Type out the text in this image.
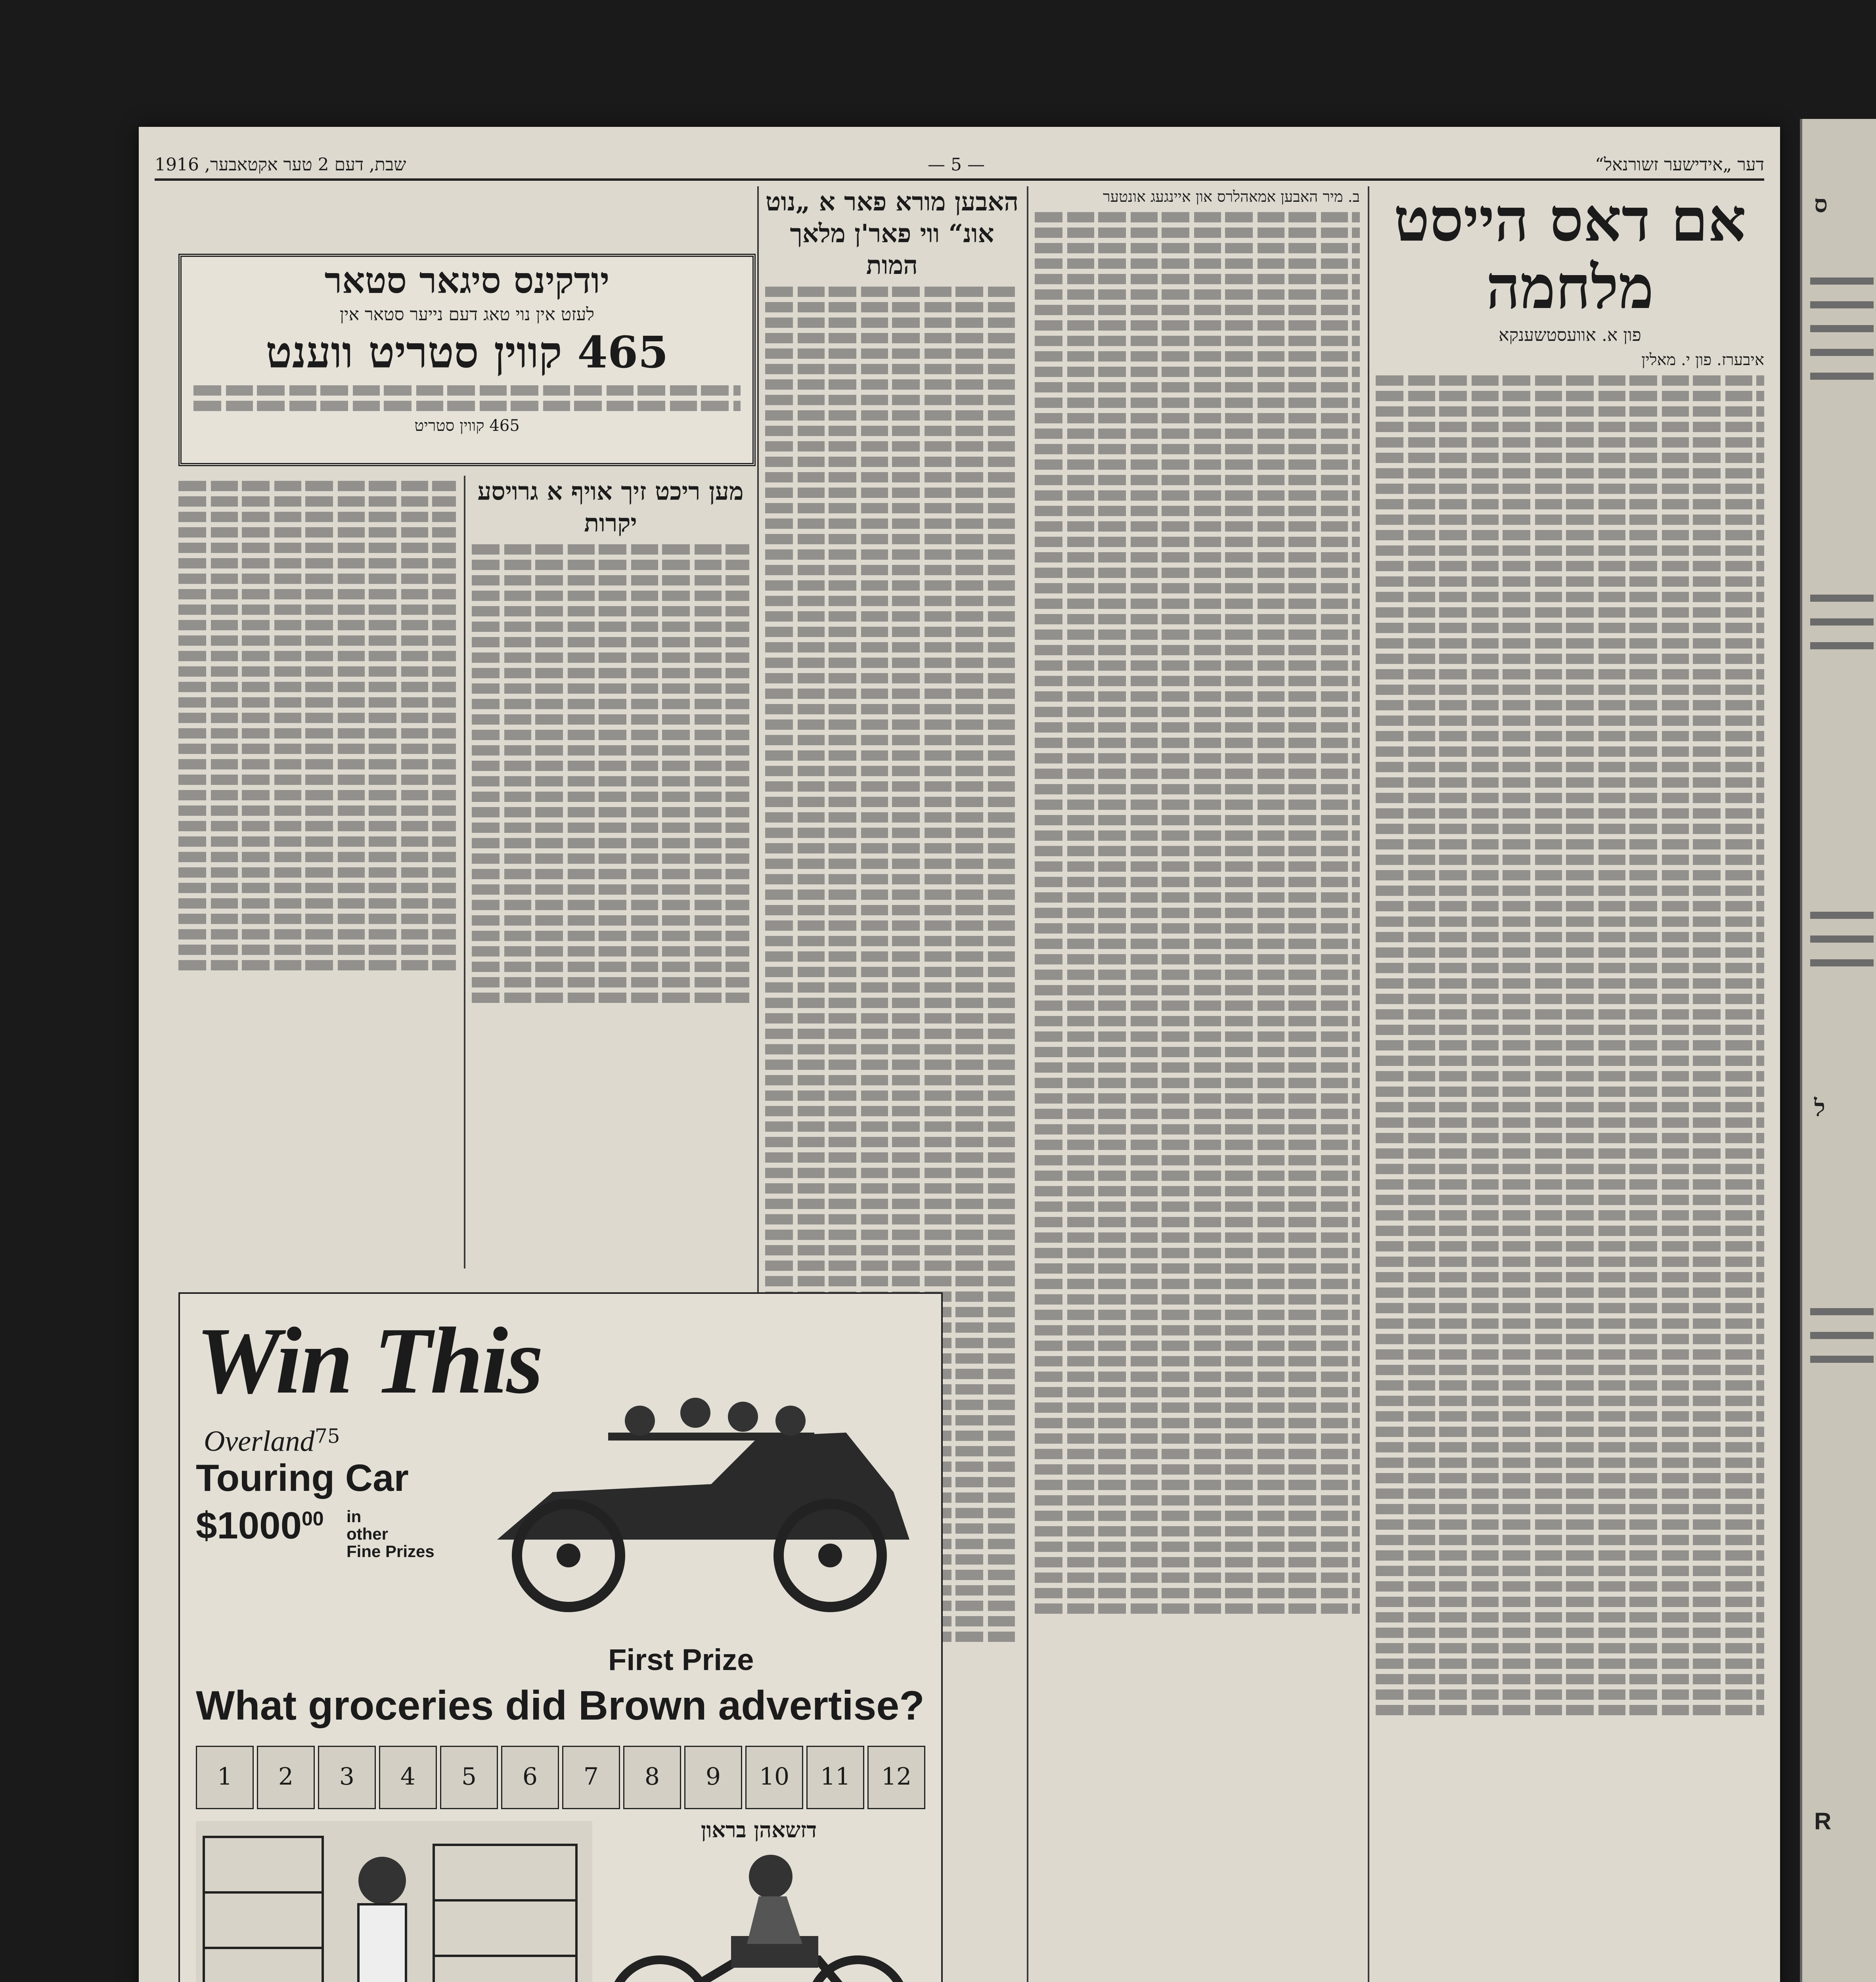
דער „אידישער זשורנאל“
— 5 —
שבת, דעם 2 טער אקטאבער, 1916
אם דאס הייסט מלחמה
פון א. אוועסטשענקא
איבערז. פון י. מאלין
ב. מיר האבען אמאהלרס און איינגעג אונטער
האבען מורא פאר א „נוט אונ“ ווי פאר'ן מלאך המות
יודקינס סיגאר סטאר
לעזט אין נוי טאג דעם נייער סטאר אין
465 קווין סטריט ווענט
465 קווין סטריט
מען ריכט זיך אויף א גרויסע יקרות
Win This
Overland 75
Touring Car
$1000$^{00}$ in
other
Fine Prizes
First Prize
What groceries did Brown advertise?
1	2	3	4	5	6	7	8	9	10	11	12
דזשאהן בראון
ס
ל
R
